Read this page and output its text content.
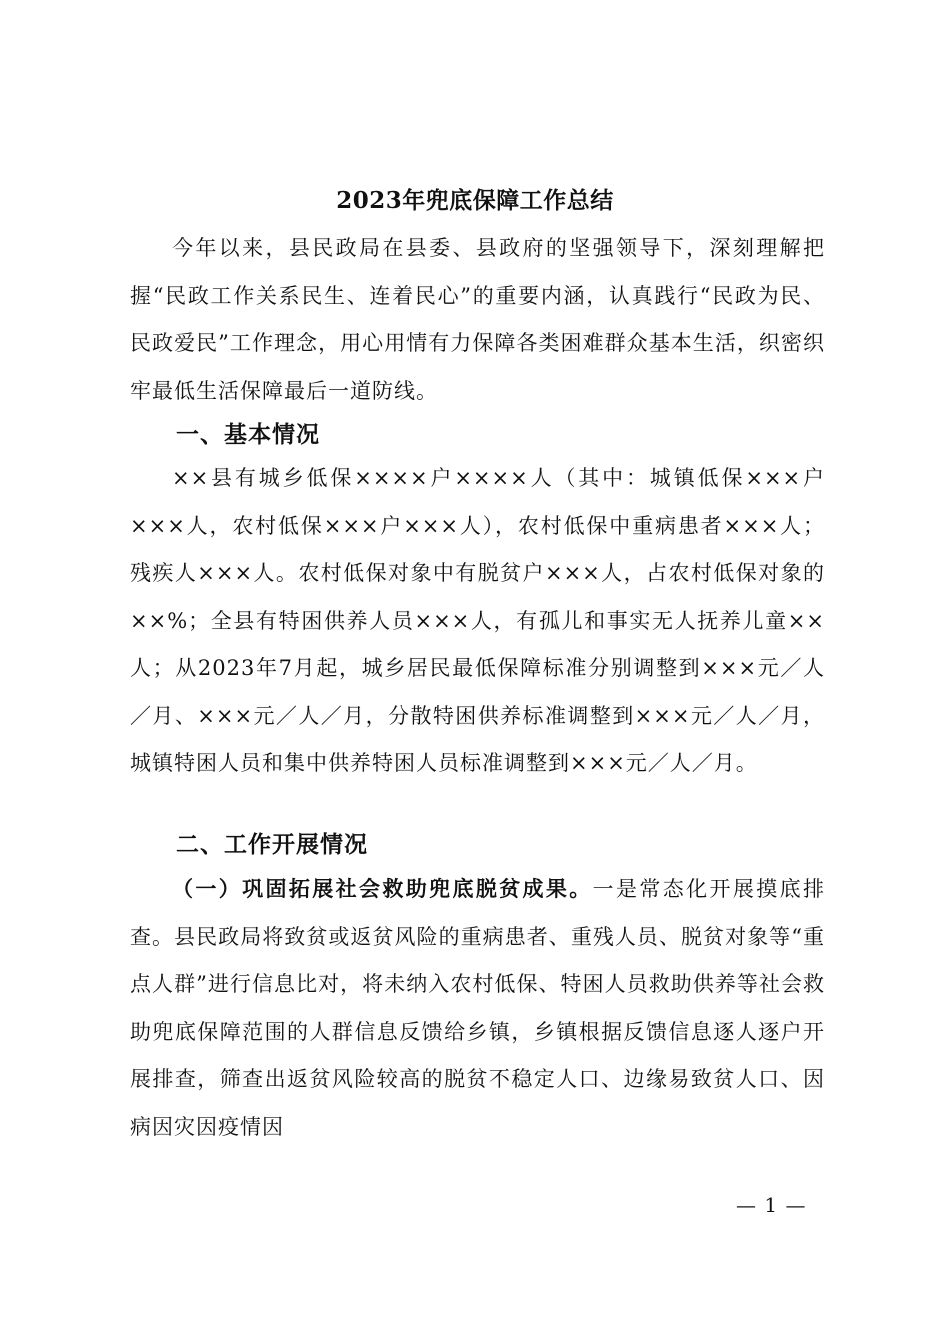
2023年兜底保障工作总结

今年以来，县民政局在县委、县政府的坚强领导下，深刻理解把握“民政工作关系民生、连着民心”的重要内涵，认真践行“民政为民、民政爱民”工作理念，用心用情有力保障各类困难群众基本生活，织密织牢最低生活保障最后一道防线。

一、基本情况

××县有城乡低保××××户××××人（其中：城镇低保×××户×××人，农村低保×××户×××人），农村低保中重病患者×××人；残疾人×××人。农村低保对象中有脱贫户×××人，占农村低保对象的××%；全县有特困供养人员×××人，有孤儿和事实无人抚养儿童××人；从2023年7月起，城乡居民最低保障标准分别调整到×××元／人／月、×××元／人／月，分散特困供养标准调整到×××元／人／月，城镇特困人员和集中供养特困人员标准调整到×××元／人／月。

二、工作开展情况

（一）巩固拓展社会救助兜底脱贫成果。一是常态化开展摸底排查。县民政局将致贫或返贫风险的重病患者、重残人员、脱贫对象等“重点人群”进行信息比对，将未纳入农村低保、特困人员救助供养等社会救助兜底保障范围的人群信息反馈给乡镇，乡镇根据反馈信息逐人逐户开展排查，筛查出返贫风险较高的脱贫不稳定人口、边缘易致贫人口、因病因灾因疫情因

— 1 —
